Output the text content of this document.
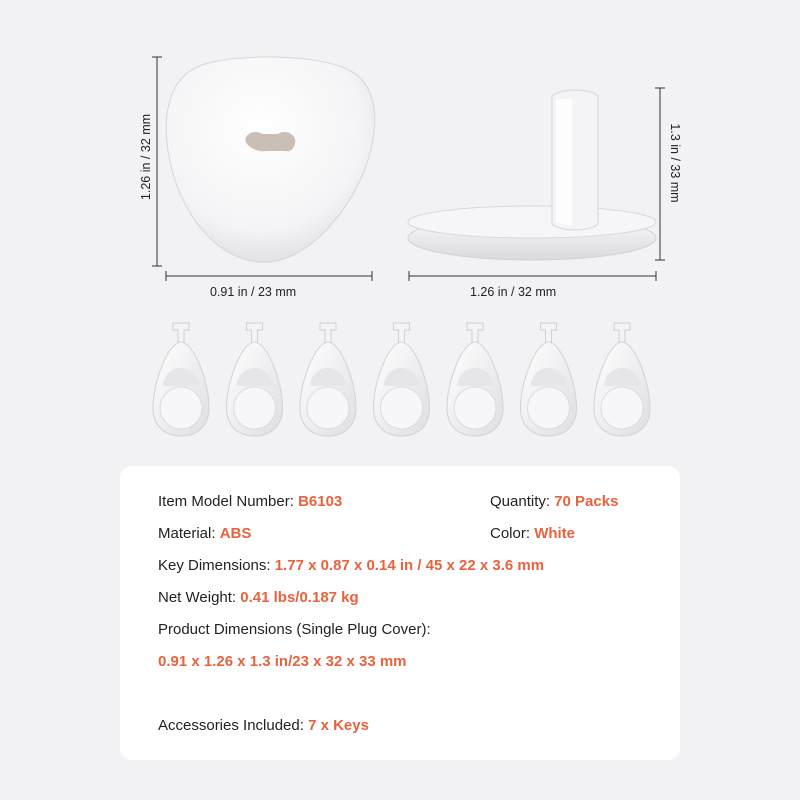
1.26 in / 32 mm
0.91 in / 23 mm	1.26 in / 32 mm
1.3 in / 33 mm
Item Model Number: B6103	Quantity: 70 Packs
Material: ABS	Color: White
Key Dimensions: 1.77 x 0.87 x 0.14 in / 45 x 22 x 3.6 mm
Net Weight: 0.41 lbs/0.187 kg
Product Dimensions (Single Plug Cover):
0.91 x 1.26 x 1.3 in/23 x 32 x 33 mm
Accessories Included: 7 x Keys
